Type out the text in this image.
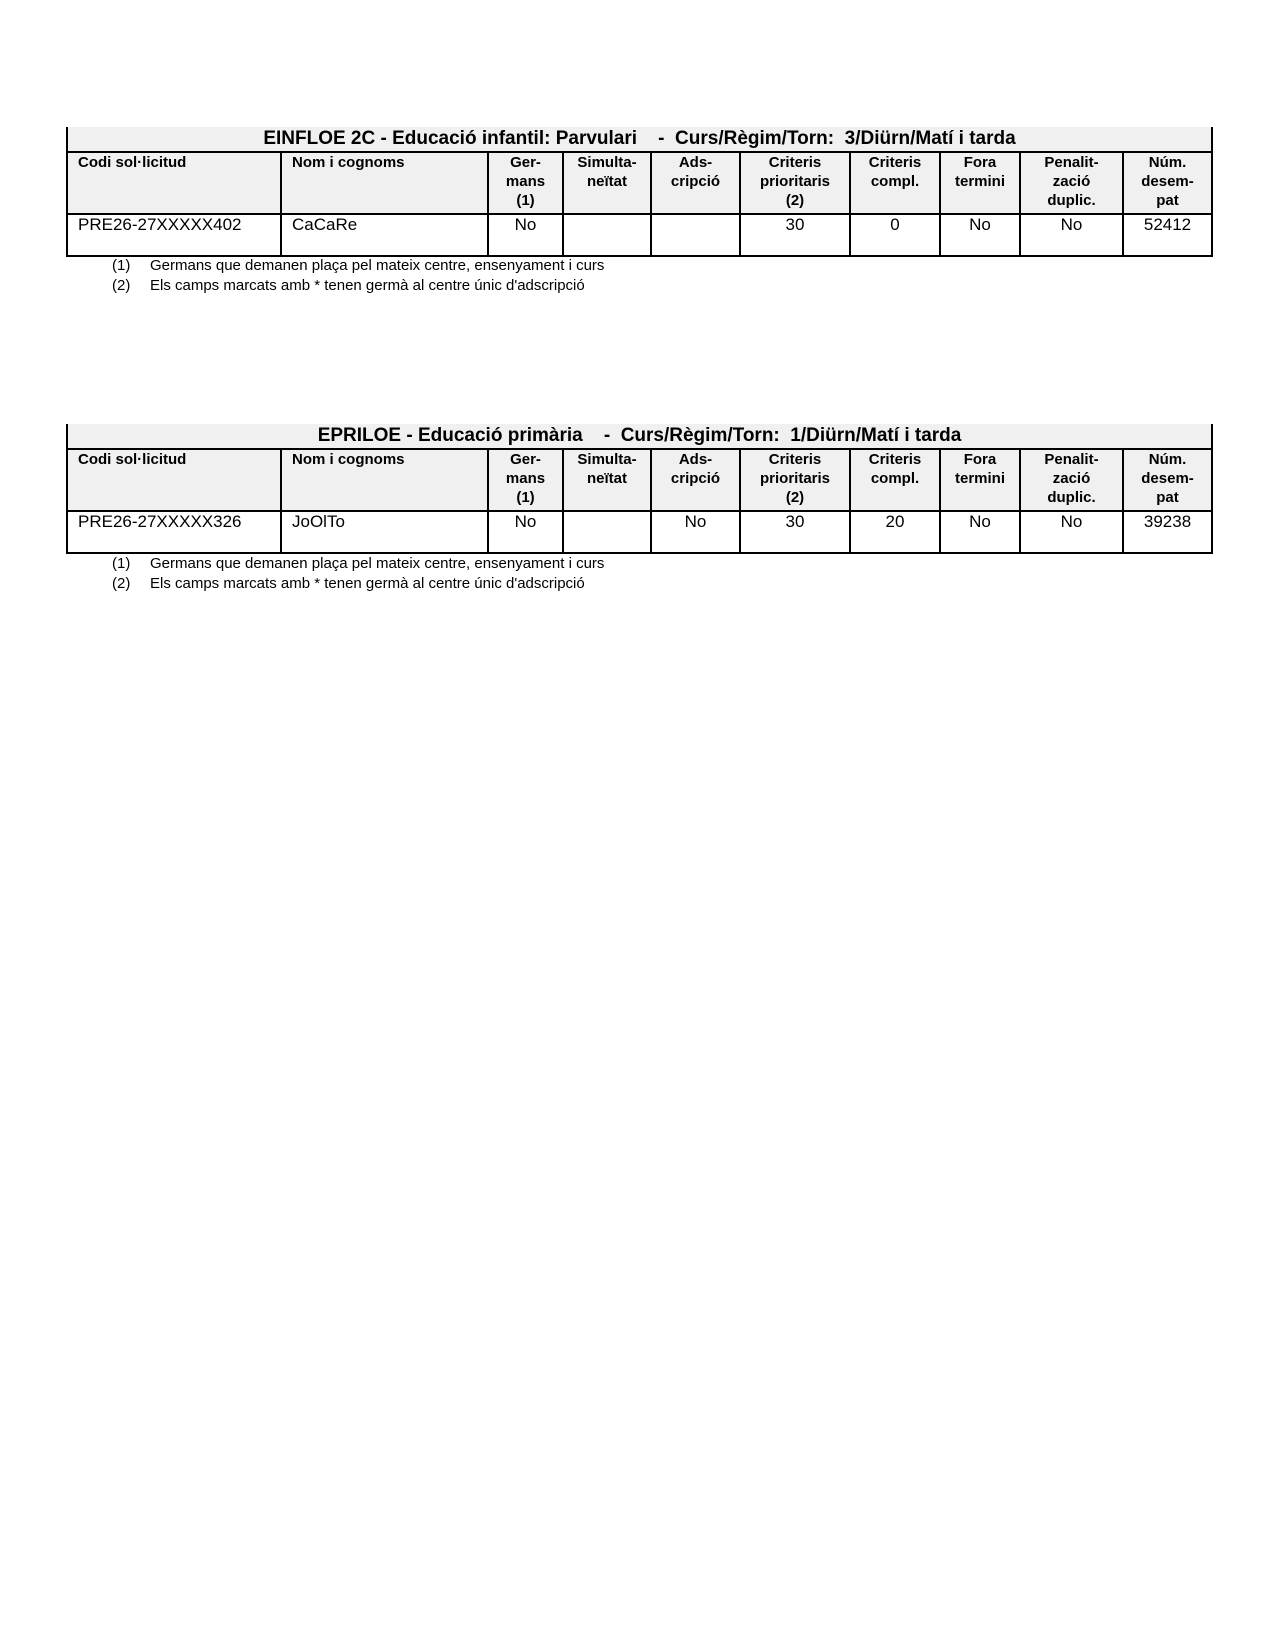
EINFLOE 2C - Educació infantil: Parvulari    -  Curs/Règim/Torn:  3/Diürn/Matí i tarda									
Codi sol·licitud	Nom i cognoms	Ger-
mans
(1)	Simulta-
neïtat	Ads-
cripció	Criteris
prioritaris
(2)	Criteris
compl.	Fora
termini	Penalit-
zació
duplic.	Núm.
desem-
pat
PRE26-27XXXXX402	CaCaRe	No			30	0	No	No	52412
(1) Germans que demanen plaça pel mateix centre, ensenyament i curs
(2) Els camps marcats amb * tenen germà al centre únic d'adscripció
EPRILOE - Educació primària    -  Curs/Règim/Torn:  1/Diürn/Matí i tarda									
Codi sol·licitud	Nom i cognoms	Ger-
mans
(1)	Simulta-
neïtat	Ads-
cripció	Criteris
prioritaris
(2)	Criteris
compl.	Fora
termini	Penalit-
zació
duplic.	Núm.
desem-
pat
PRE26-27XXXXX326	JoOlTo	No		No	30	20	No	No	39238
(1) Germans que demanen plaça pel mateix centre, ensenyament i curs
(2) Els camps marcats amb * tenen germà al centre únic d'adscripció
